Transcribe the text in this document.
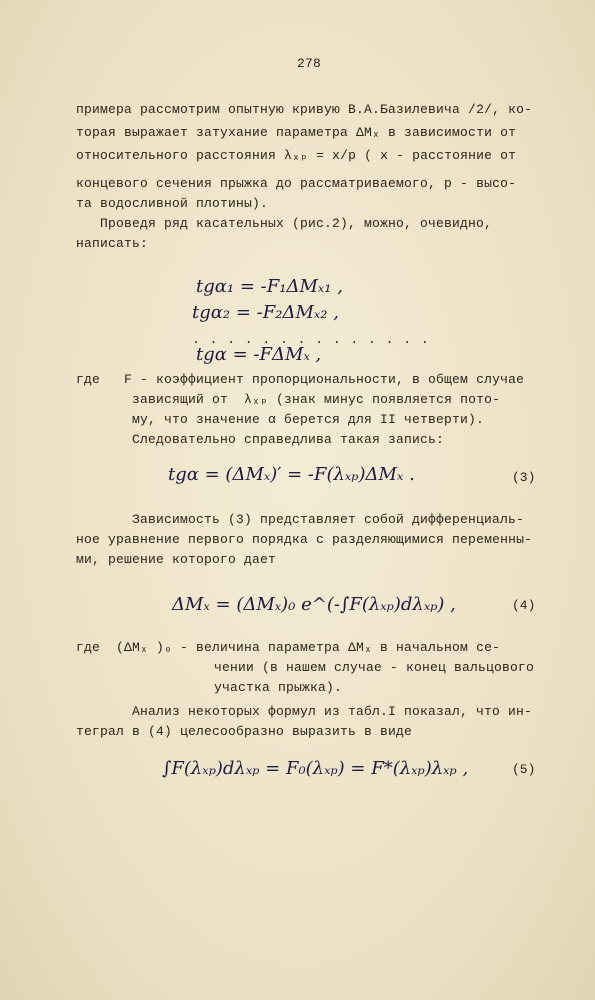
278

примера рассмотрим опытную кривую В.А.Базилевича /2/, ко-

торая выражает затухание параметра ΔMₓ в зависимости от

относительного расстояния λₓₚ = x/p ( x - расстояние от

концевого сечения прыжка до рассматриваемого, p - высо-

та водосливной плотины).

Проведя ряд касательных (рис.2), можно, очевидно,

написать:

tgα₁ = -F₁ΔMₓ₁ ,

tgα₂ = -F₂ΔMₓ₂ ,

. . . . . . . . . . . . . .

tgα = -FΔMₓ ,

где   F - коэффициент пропорциональности, в общем случае

зависящий от  λₓₚ (знак минус появляется пото-

му, что значение α берется для II четверти).

Следовательно справедлива такая запись:

tgα = (ΔMₓ)′ = -F(λₓₚ)ΔMₓ .	(3)

Зависимость (3) представляет собой дифференциаль-

ное уравнение первого порядка с разделяющимися переменны-

ми, решение которого дает

ΔMₓ = (ΔMₓ)₀ e^(-∫F(λₓₚ)dλₓₚ) ,	(4)

где  (ΔMₓ )₀ - величина параметра ΔMₓ в начальном се-

чении (в нашем случае - конец вальцового

участка прыжка).

Анализ некоторых формул из табл.I показал, что ин-

теграл в (4) целесообразно выразить в виде

∫F(λₓₚ)dλₓₚ = F₀(λₓₚ) = F*(λₓₚ)λₓₚ ,	(5)
